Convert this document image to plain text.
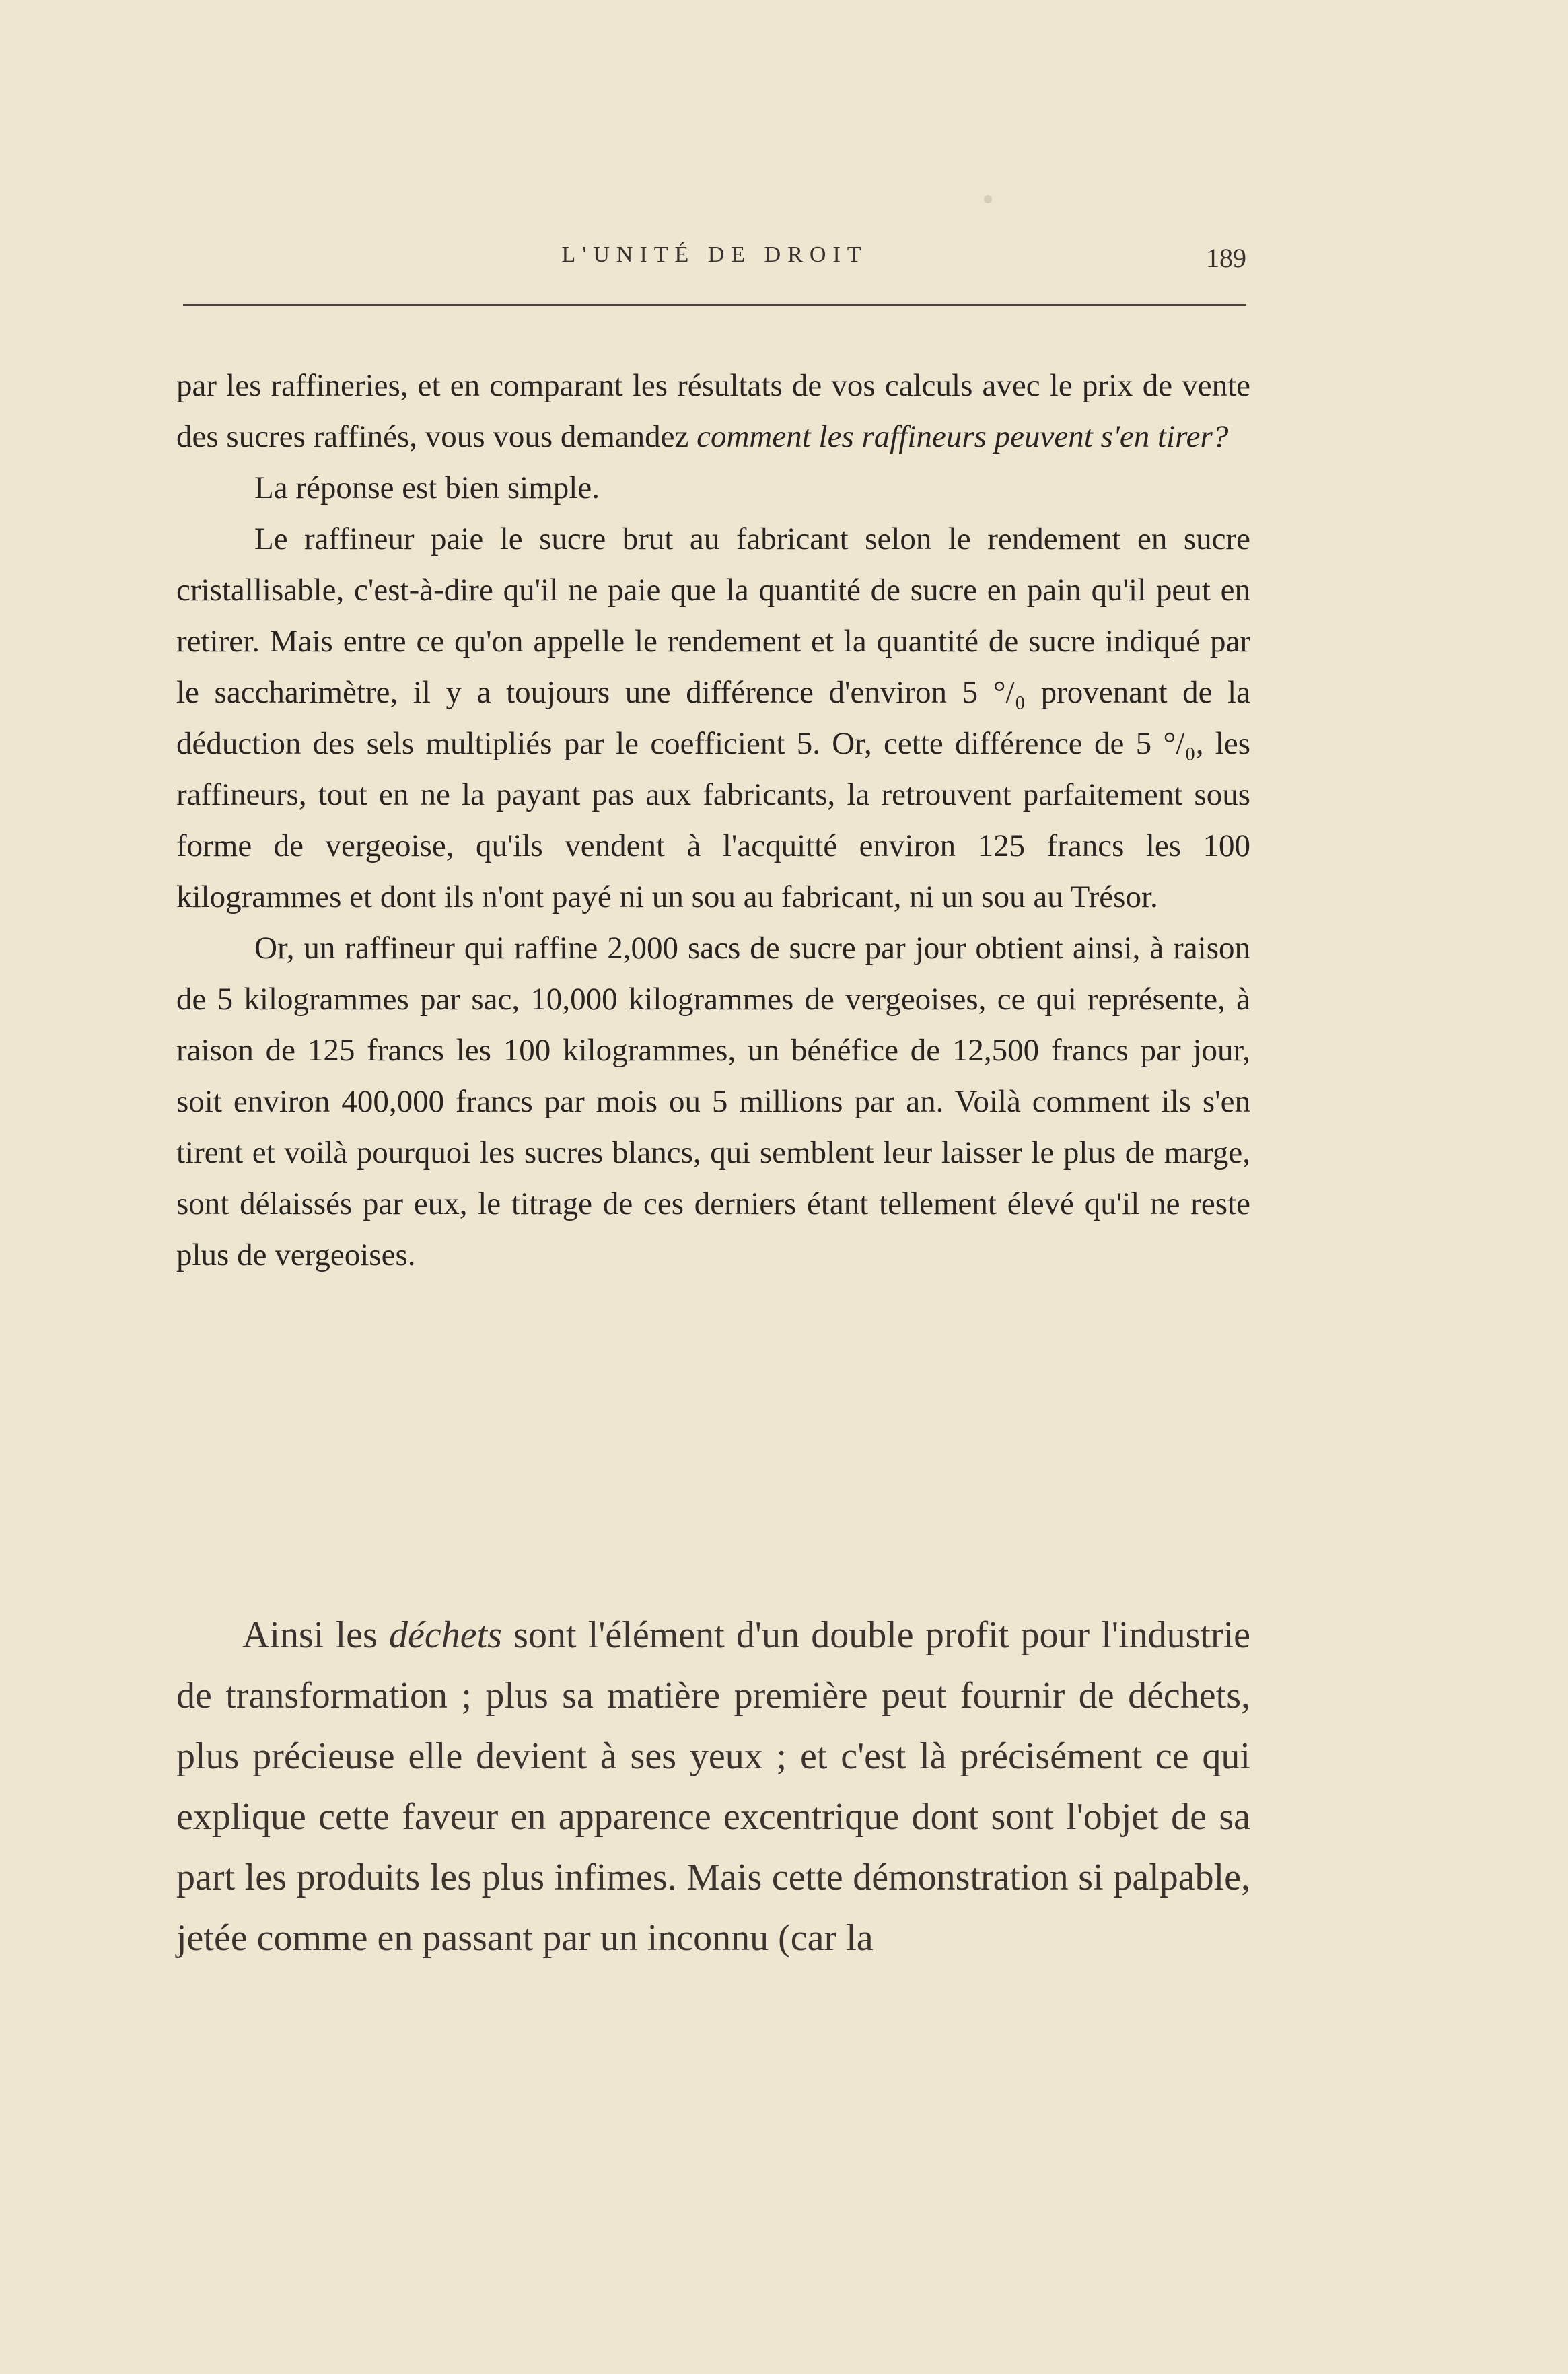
L'UNITÉ DE DROIT	189

par les raffineries, et en comparant les résultats de vos calculs avec le prix de vente des sucres raffinés, vous vous demandez comment les raffineurs peuvent s'en tirer?

La réponse est bien simple.

Le raffineur paie le sucre brut au fabricant selon le rendement en sucre cristallisable, c'est-à-dire qu'il ne paie que la quantité de sucre en pain qu'il peut en retirer. Mais entre ce qu'on appelle le rendement et la quantité de sucre indiqué par le saccharimètre, il y a toujours une différence d'environ 5 °/₀ provenant de la déduction des sels multipliés par le coefficient 5. Or, cette différence de 5 °/₀, les raffineurs, tout en ne la payant pas aux fabricants, la retrouvent parfaitement sous forme de vergeoise, qu'ils vendent à l'acquitté environ 125 francs les 100 kilogrammes et dont ils n'ont payé ni un sou au fabricant, ni un sou au Trésor.

Or, un raffineur qui raffine 2,000 sacs de sucre par jour obtient ainsi, à raison de 5 kilogrammes par sac, 10,000 kilogrammes de vergeoises, ce qui représente, à raison de 125 francs les 100 kilogrammes, un bénéfice de 12,500 francs par jour, soit environ 400,000 francs par mois ou 5 millions par an. Voilà comment ils s'en tirent et voilà pourquoi les sucres blancs, qui semblent leur laisser le plus de marge, sont délaissés par eux, le titrage de ces derniers étant tellement élevé qu'il ne reste plus de vergeoises.

Ainsi les déchets sont l'élément d'un double profit pour l'industrie de transformation ; plus sa matière première peut fournir de déchets, plus précieuse elle devient à ses yeux ; et c'est là précisément ce qui explique cette faveur en apparence excentrique dont sont l'objet de sa part les produits les plus infimes. Mais cette démonstration si palpable, jetée comme en passant par un inconnu (car la
